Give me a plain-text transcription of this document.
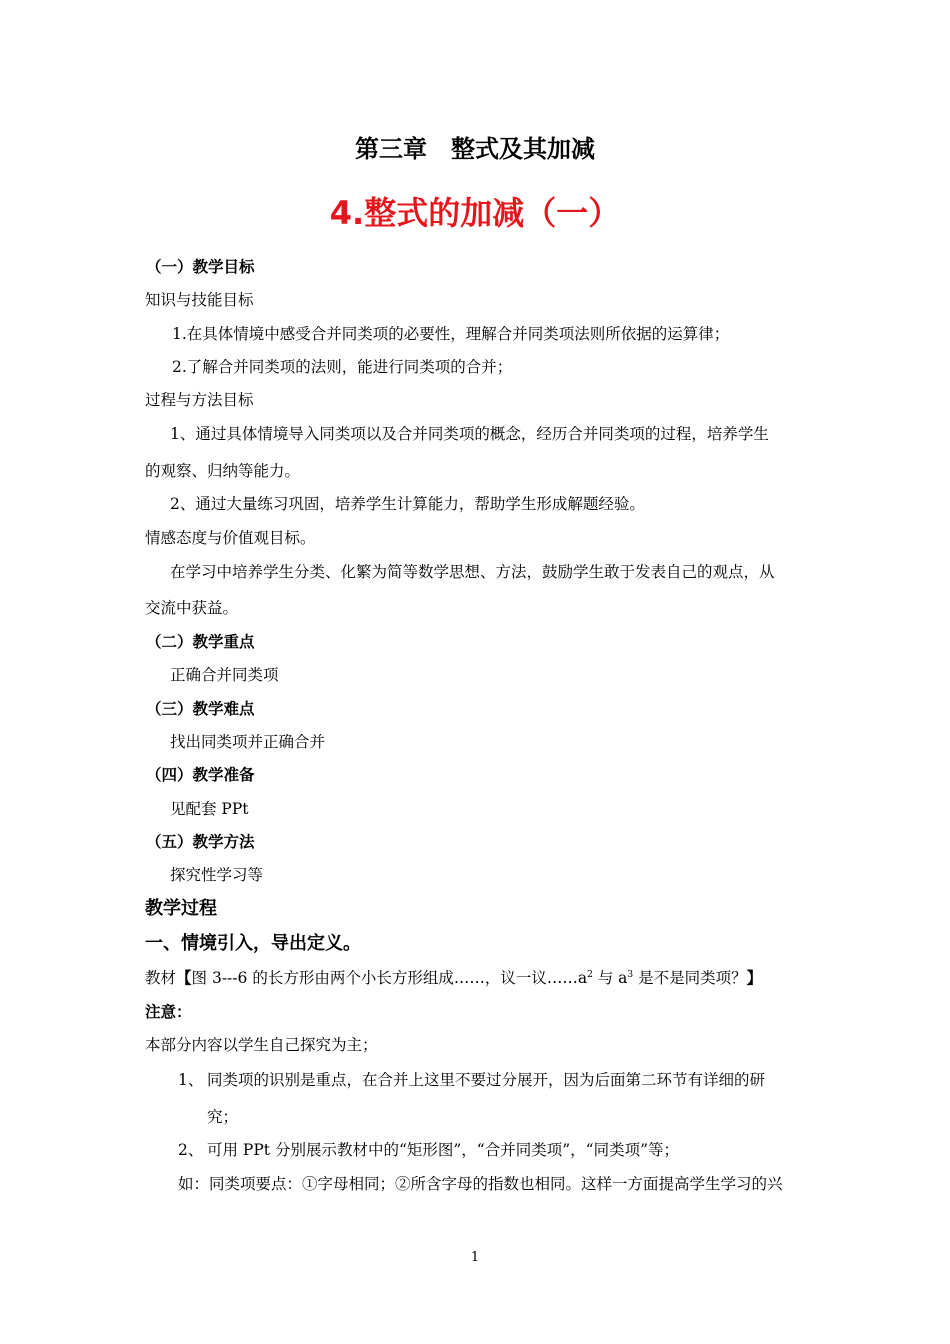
第三章　整式及其加减
4.整式的加减（一）
（一）教学目标
知识与技能目标
1.在具体情境中感受合并同类项的必要性，理解合并同类项法则所依据的运算律；
2.了解合并同类项的法则，能进行同类项的合并；
过程与方法目标
1、通过具体情境导入同类项以及合并同类项的概念，经历合并同类项的过程，培养学生
的观察、归纳等能力。
2、通过大量练习巩固，培养学生计算能力，帮助学生形成解题经验。
情感态度与价值观目标。
在学习中培养学生分类、化繁为简等数学思想、方法，鼓励学生敢于发表自己的观点，从
交流中获益。
（二）教学重点
正确合并同类项
（三）教学难点
找出同类项并正确合并
（四）教学准备
见配套 PPt
（五）教学方法
探究性学习等
教学过程
一、情境引入，导出定义。
教材【图 3---6 的长方形由两个小长方形组成……，议一议$\dots\dots a^2$ 与 $a^3$ 是不是同类项？】
注意：
本部分内容以学生自己探究为主；
1、 同类项的识别是重点，在合并上这里不要过分展开，因为后面第二环节有详细的研
究；
2、 可用 PPt 分别展示教材中的“矩形图”，“合并同类项”，“同类项”等；
如：同类项要点：①字母相同；②所含字母的指数也相同。这样一方面提高学生学习的兴
1
